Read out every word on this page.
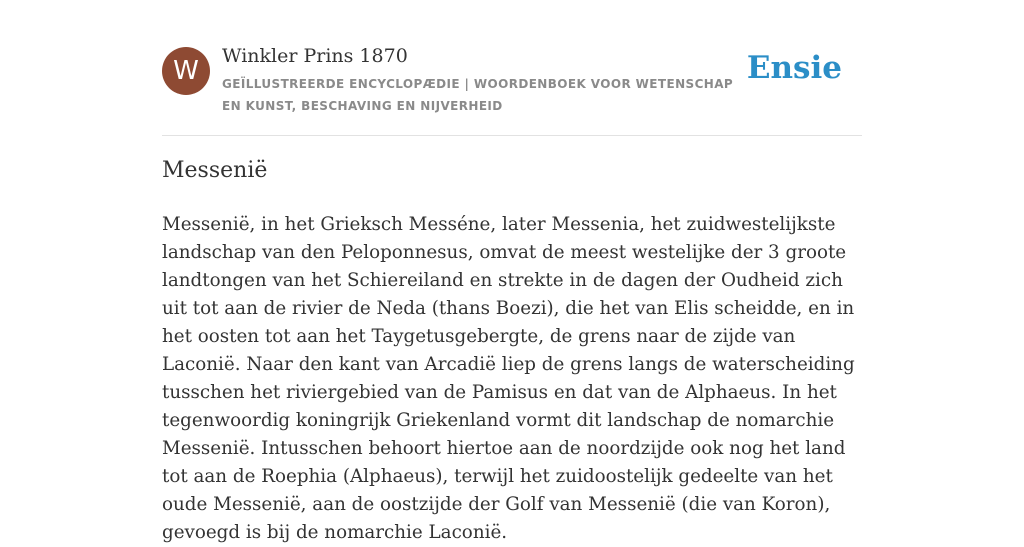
W	Winkler Prins 1870
GEÏLLUSTREERDE ENCYCLOPÆDIE | WOORDENBOEK VOOR WETENSCHAP EN KUNST, BESCHAVING EN NIJVERHEID
Ensie
Messenië

Messenië, in het Grieksch Messéne, later Messenia, het zuidwestelijkste landschap van den Peloponnesus, omvat de meest westelijke der 3 groote landtongen van het Schiereiland en strekte in de dagen der Oudheid zich uit tot aan de rivier de Neda (thans Boezi), die het van Elis scheidde, en in het oosten tot aan het Taygetusgebergte, de grens naar de zijde van Laconië. Naar den kant van Arcadië liep de grens langs de waterscheiding tusschen het riviergebied van de Pamisus en dat van de Alphaeus. In het tegenwoordig koningrijk Griekenland vormt dit landschap de nomarchie Messenië. Intusschen behoort hiertoe aan de noordzijde ook nog het land tot aan de Roephia (Alphaeus), terwijl het zuidoostelijk gedeelte van het oude Messenië, aan de oostzijde der Golf van Messenië (die van Koron), gevoegd is bij de nomarchie Laconië.
